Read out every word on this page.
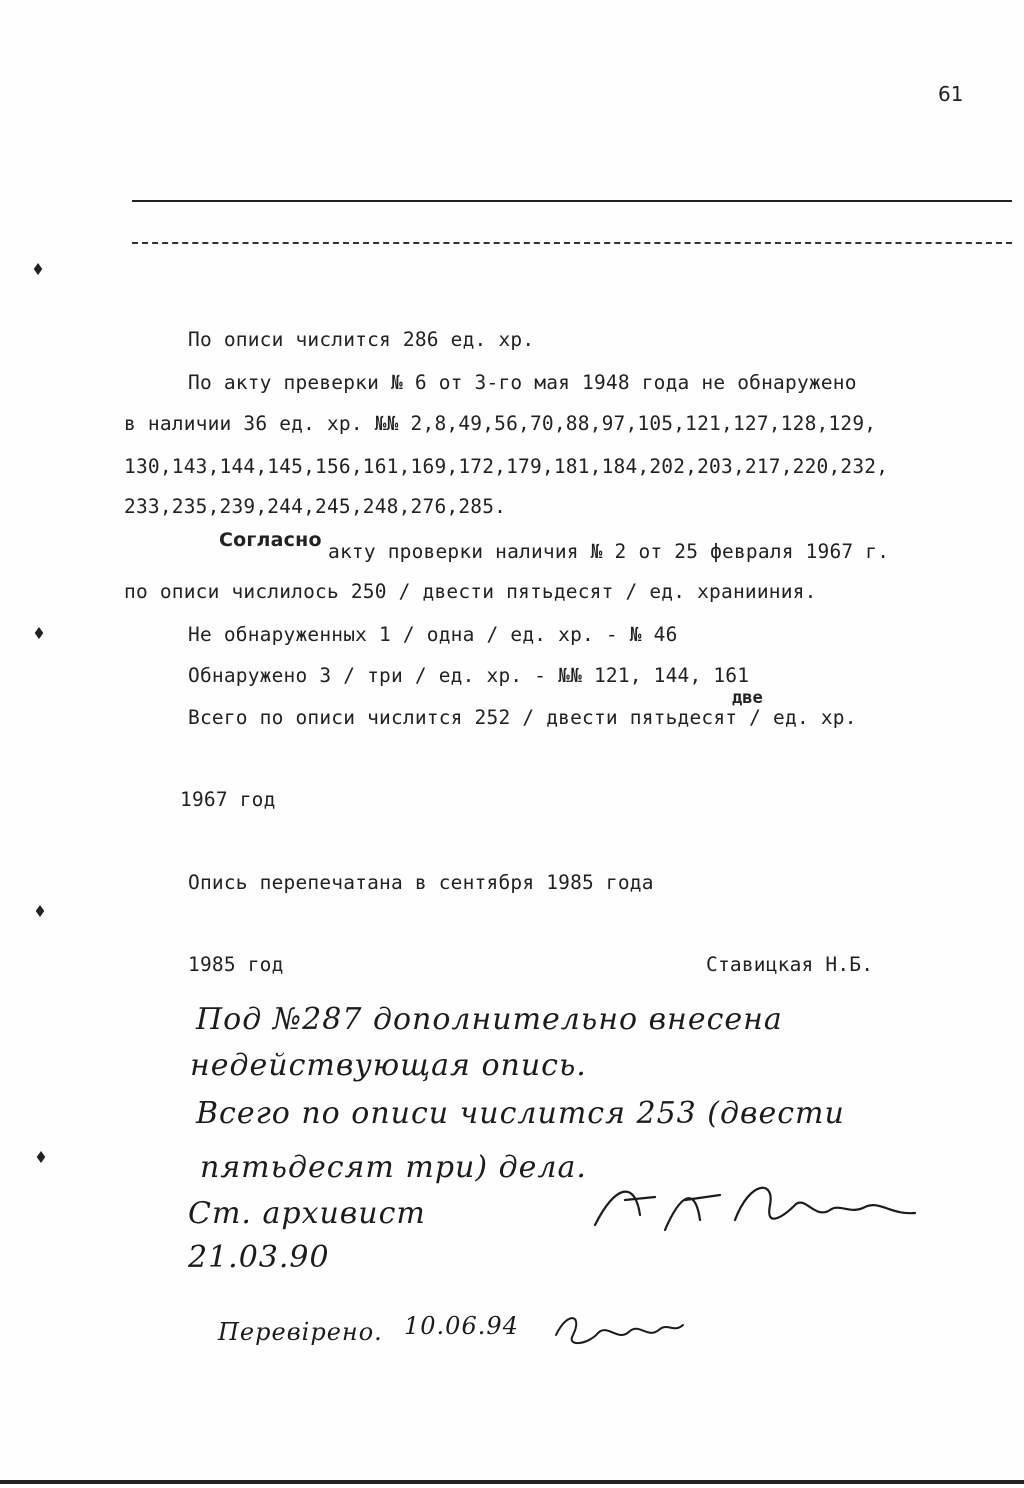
61
По описи числится 286 ед. хр.
По акту преверки № 6 от 3-го мая 1948 года не обнаружено
в наличии 36 ед. хр. №№ 2,8,49,56,70,88,97,105,121,127,128,129,
130,143,144,145,156,161,169,172,179,181,184,202,203,217,220,232,
233,235,239,244,245,248,276,285.
Согласно акту проверки наличия № 2 от 25 февраля 1967 г.
по описи числилось 250 / двести пятьдесят / ед. хранииния.
Не обнаруженных 1 / одна / ед. хр. - № 46
Обнаружено 3 / три / ед. хр. - №№ 121, 144, 161
две
Всего по описи числится 252 / двести пятьдесят / ед. хр.
1967 год
Опись перепечатана в сентября 1985 года
1985 год	Ставицкая Н.Б.
Под №287 дополнительно внесена
недействующая опись.
Всего по описи числится 253 (двести
пятьдесят три) дела.
Ст. архивист
21.03.90
Перевірено. 10.06.94
